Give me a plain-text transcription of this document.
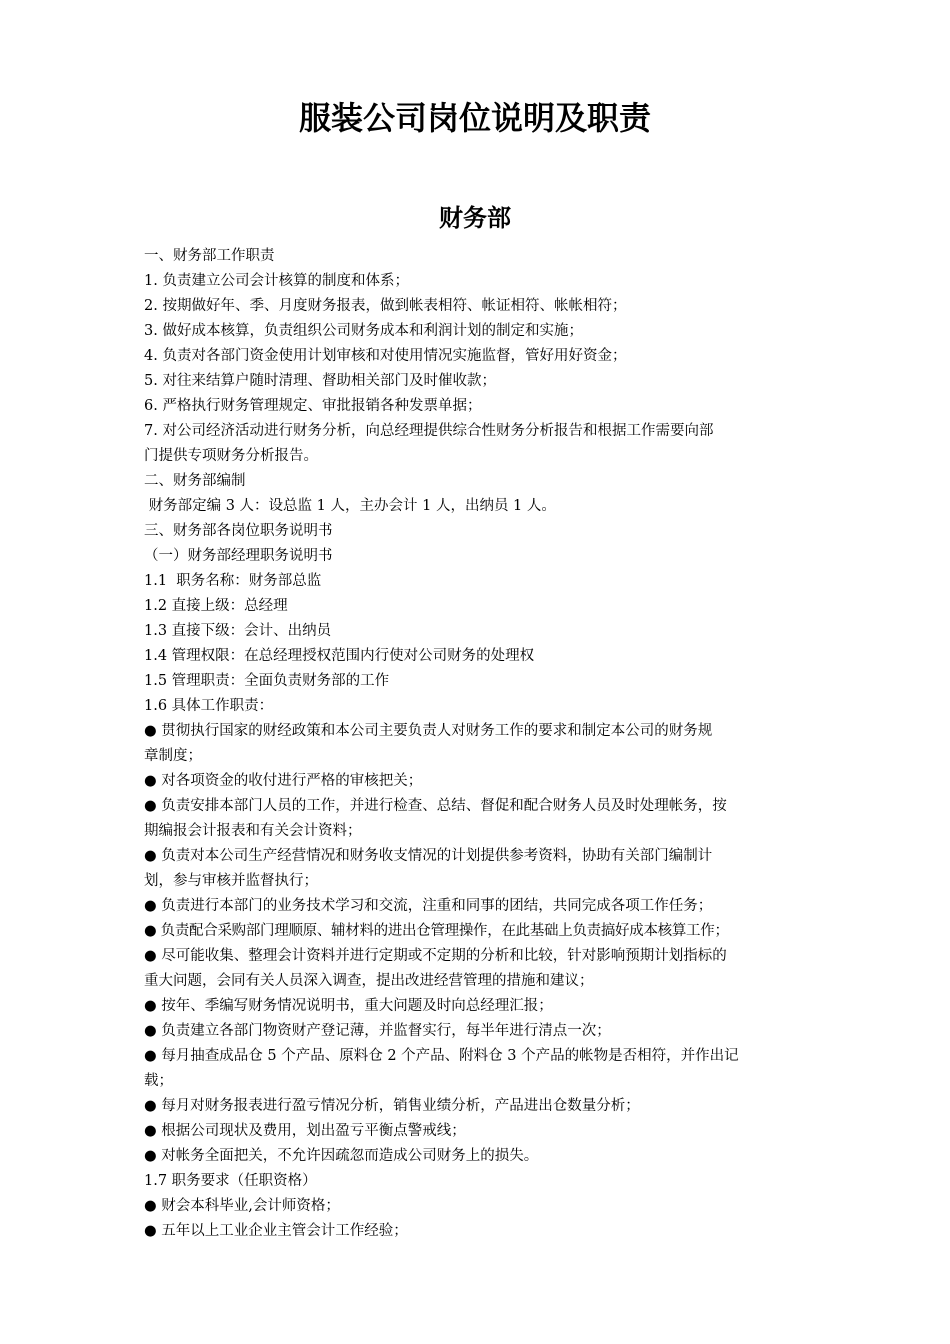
服装公司岗位说明及职责
财务部
一、财务部工作职责
1. 负责建立公司会计核算的制度和体系；
2. 按期做好年、季、月度财务报表，做到帐表相符、帐证相符、帐帐相符；
3. 做好成本核算，负责组织公司财务成本和利润计划的制定和实施；
4. 负责对各部门资金使用计划审核和对使用情况实施监督，管好用好资金；
5. 对往来结算户随时清理、督助相关部门及时催收款；
6. 严格执行财务管理规定、审批报销各种发票单据；
7. 对公司经济活动进行财务分析，向总经理提供综合性财务分析报告和根据工作需要向部
门提供专项财务分析报告。
二、财务部编制
财务部定编 3 人：设总监 1 人，主办会计 1 人，出纳员 1 人。
三、财务部各岗位职务说明书
（一）财务部经理职务说明书
1.1  职务名称：财务部总监
1.2 直接上级：总经理
1.3 直接下级：会计、出纳员
1.4 管理权限：在总经理授权范围内行使对公司财务的处理权
1.5 管理职责：全面负责财务部的工作
1.6 具体工作职责：
● 贯彻执行国家的财经政策和本公司主要负责人对财务工作的要求和制定本公司的财务规
章制度；
● 对各项资金的收付进行严格的审核把关；
● 负责安排本部门人员的工作，并进行检查、总结、督促和配合财务人员及时处理帐务，按
期编报会计报表和有关会计资料；
● 负责对本公司生产经营情况和财务收支情况的计划提供参考资料，协助有关部门编制计
划，参与审核并监督执行；
● 负责进行本部门的业务技术学习和交流，注重和同事的团结，共同完成各项工作任务；
● 负责配合采购部门理顺原、辅材料的进出仓管理操作，在此基础上负责搞好成本核算工作；
● 尽可能收集、整理会计资料并进行定期或不定期的分析和比较，针对影响预期计划指标的
重大问题，会同有关人员深入调查，提出改进经营管理的措施和建议；
● 按年、季编写财务情况说明书，重大问题及时向总经理汇报；
● 负责建立各部门物资财产登记薄，并监督实行，每半年进行清点一次；
● 每月抽查成品仓 5 个产品、原料仓 2 个产品、附料仓 3 个产品的帐物是否相符，并作出记
载；
● 每月对财务报表进行盈亏情况分析，销售业绩分析，产品进出仓数量分析；
● 根据公司现状及费用，划出盈亏平衡点警戒线；
● 对帐务全面把关，不允许因疏忽而造成公司财务上的损失。
1.7 职务要求（任职资格）
● 财会本科毕业,会计师资格；
● 五年以上工业企业主管会计工作经验；
